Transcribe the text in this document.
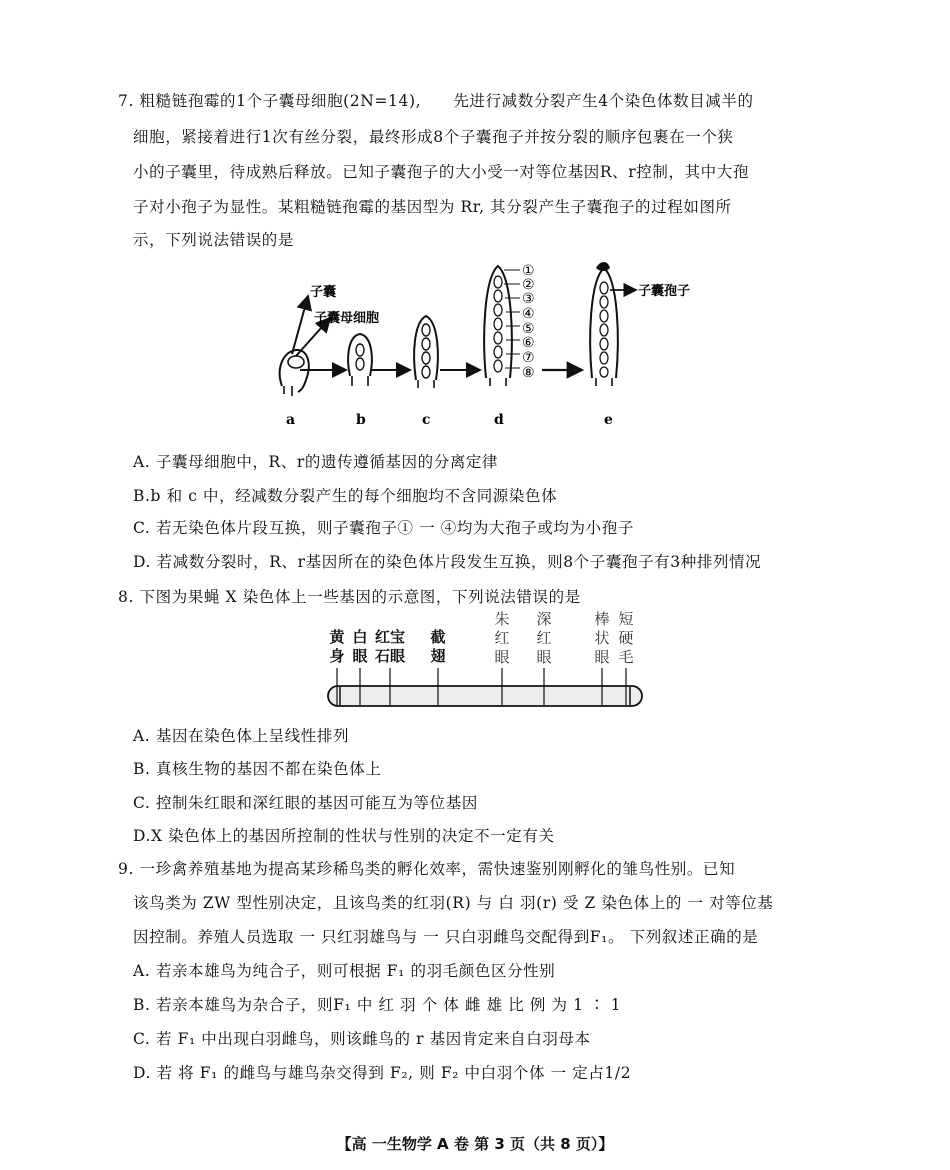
7. 粗糙链孢霉的1个子囊母细胞(2N=14),　　先进行减数分裂产生4个染色体数目减半的
细胞，紧接着进行1次有丝分裂，最终形成8个子囊孢子并按分裂的顺序包裹在一个狭
小的子囊里，待成熟后释放。已知子囊孢子的大小受一对等位基因R、r控制，其中大孢
子对小孢子为显性。某粗糙链孢霉的基因型为 Rr, 其分裂产生子囊孢子的过程如图所
示，下列说法错误的是
子囊
子囊母细胞
①
②
③
④
⑤
⑥
⑦
⑧
子囊孢子
a	b	c	d	e
A. 子囊母细胞中，R、r的遗传遵循基因的分离定律
B.b 和 c 中，经减数分裂产生的每个细胞均不含同源染色体
C. 若无染色体片段互换，则子囊孢子① 一 ④均为大孢子或均为小孢子
D. 若减数分裂时，R、r基因所在的染色体片段发生互换，则8个子囊孢子有3种排列情况
8. 下图为果蝇 X 染色体上一些基因的示意图，下列说法错误的是
黄
身
白
眼
红宝
石眼
截
翅
朱
红
眼
深
红
眼
棒
状
眼
短
硬
毛
A. 基因在染色体上呈线性排列
B. 真核生物的基因不都在染色体上
C. 控制朱红眼和深红眼的基因可能互为等位基因
D.X 染色体上的基因所控制的性状与性别的决定不一定有关
9. 一珍禽养殖基地为提高某珍稀鸟类的孵化效率，需快速鉴别刚孵化的雏鸟性别。已知
该鸟类为 ZW 型性别决定，且该鸟类的红羽(R) 与 白 羽(r) 受 Z 染色体上的 一 对等位基
因控制。养殖人员选取 一 只红羽雄鸟与 一 只白羽雌鸟交配得到F₁。 下列叙述正确的是
A. 若亲本雄鸟为纯合子，则可根据 F₁ 的羽毛颜色区分性别
B. 若亲本雄鸟为杂合子，则F₁ 中 红 羽 个 体 雌 雄 比 例 为 1 ∶ 1
C. 若 F₁ 中出现白羽雌鸟，则该雌鸟的 r 基因肯定来自白羽母本
D. 若 将 F₁ 的雌鸟与雄鸟杂交得到 F₂, 则 F₂ 中白羽个体 一 定占1/2
【高 一生物学 A 卷 第 3 页（共 8 页）】
